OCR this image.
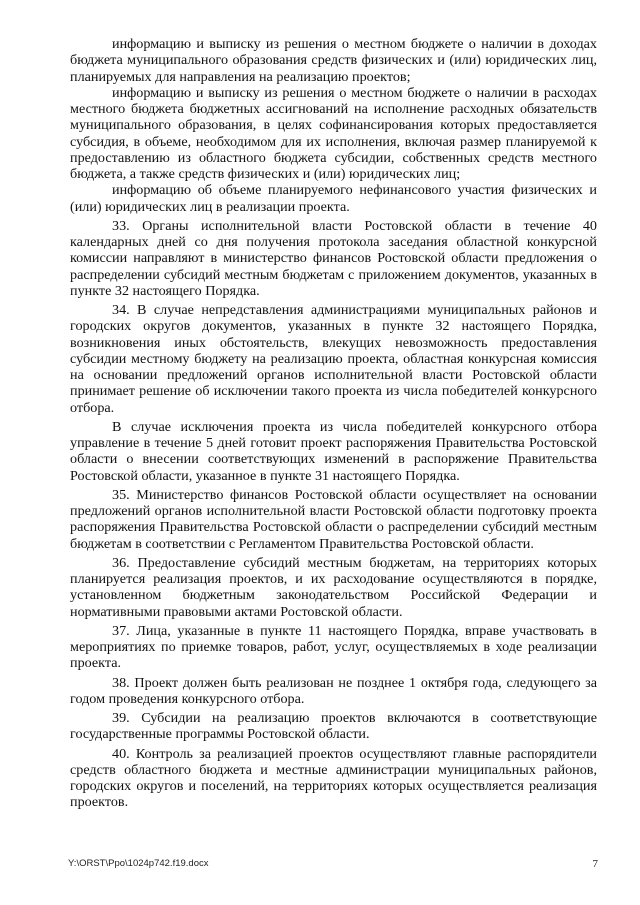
информацию и выписку из решения о местном бюджете о наличии в доходах бюджета муниципального образования средств физических и (или) юридических лиц, планируемых для направления на реализацию проектов;

информацию и выписку из решения о местном бюджете о наличии в расходах местного бюджета бюджетных ассигнований на исполнение расходных обязательств муниципального образования, в целях софинансирования которых предоставляется субсидия, в объеме, необходимом для их исполнения, включая размер планируемой к предоставлению из областного бюджета субсидии, собственных средств местного бюджета, а также средств физических и (или) юридических лиц;

информацию об объеме планируемого нефинансового участия физических и (или) юридических лиц в реализации проекта.

33. Органы исполнительной власти Ростовской области в течение 40 календарных дней со дня получения протокола заседания областной конкурсной комиссии направляют в министерство финансов Ростовской области предложения о распределении субсидий местным бюджетам с приложением документов, указанных в пункте 32 настоящего Порядка.

34. В случае непредставления администрациями муниципальных районов и городских округов документов, указанных в пункте 32 настоящего Порядка, возникновения иных обстоятельств, влекущих невозможность предоставления субсидии местному бюджету на реализацию проекта, областная конкурсная комиссия на основании предложений органов исполнительной власти Ростовской области принимает решение об исключении такого проекта из числа победителей конкурсного отбора.

В случае исключения проекта из числа победителей конкурсного отбора управление в течение 5 дней готовит проект распоряжения Правительства Ростовской области о внесении соответствующих изменений в распоряжение Правительства Ростовской области, указанное в пункте 31 настоящего Порядка.

35. Министерство финансов Ростовской области осуществляет на основании предложений органов исполнительной власти Ростовской области подготовку проекта распоряжения Правительства Ростовской области о распределении субсидий местным бюджетам в соответствии с Регламентом Правительства Ростовской области.

36. Предоставление субсидий местным бюджетам, на территориях которых планируется реализация проектов, и их расходование осуществляются в порядке, установленном бюджетным законодательством Российской Федерации и нормативными правовыми актами Ростовской области.

37. Лица, указанные в пункте 11 настоящего Порядка, вправе участвовать в мероприятиях по приемке товаров, работ, услуг, осуществляемых в ходе реализации проекта.

38. Проект должен быть реализован не позднее 1 октября года, следующего за годом проведения конкурсного отбора.

39. Субсидии на реализацию проектов включаются в соответствующие государственные программы Ростовской области.

40. Контроль за реализацией проектов осуществляют главные распорядители средств областного бюджета и местные администрации муниципальных районов, городских округов и поселений, на территориях которых осуществляется реализация проектов.

Y:\ORST\Ppo\1024p742.f19.docx	7
